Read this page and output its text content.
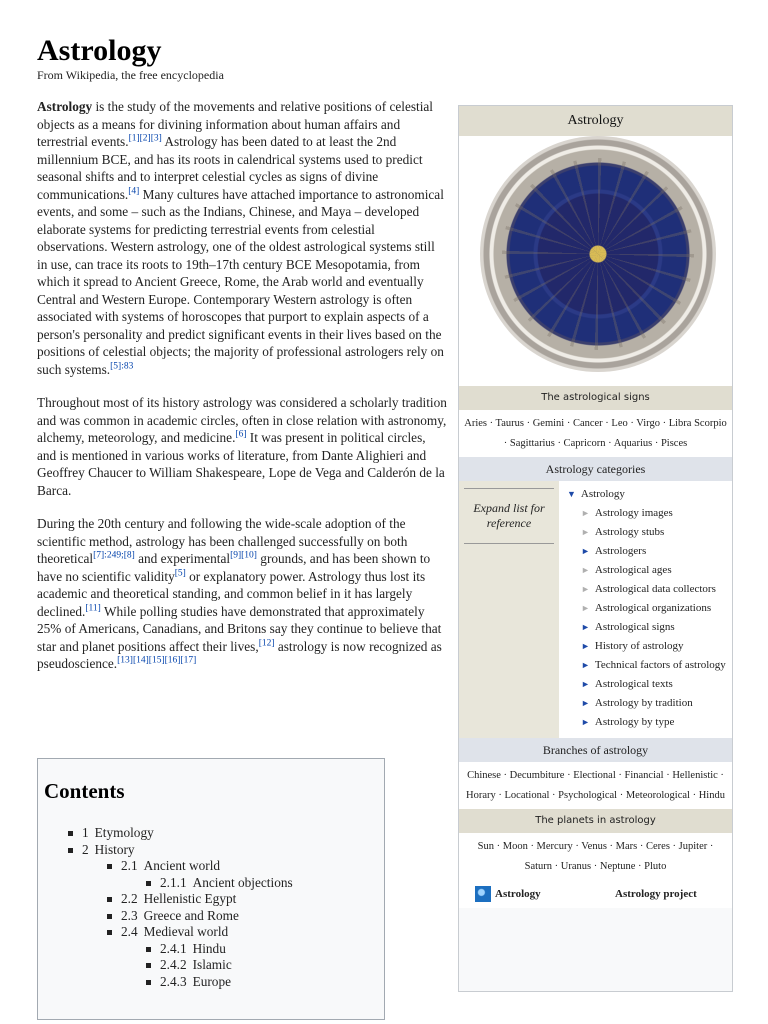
Astrology
From Wikipedia, the free encyclopedia

Astrology is the study of the movements and relative positions of celestial objects as a means for divining information about human affairs and terrestrial events.[1][2][3] Astrology has been dated to at least the 2nd millennium BCE, and has its roots in calendrical systems used to predict seasonal shifts and to interpret celestial cycles as signs of divine communications.[4] Many cultures have attached importance to astronomical events, and some – such as the Indians, Chinese, and Maya – developed elaborate systems for predicting terrestrial events from celestial observations. Western astrology, one of the oldest astrological systems still in use, can trace its roots to 19th–17th century BCE Mesopotamia, from which it spread to Ancient Greece, Rome, the Arab world and eventually Central and Western Europe. Contemporary Western astrology is often associated with systems of horoscopes that purport to explain aspects of a person's personality and predict significant events in their lives based on the positions of celestial objects; the majority of professional astrologers rely on such systems.$^{[5]:83}$

Throughout most of its history astrology was considered a scholarly tradition and was common in academic circles, often in close relation with astronomy, alchemy, meteorology, and medicine.[6] It was present in political circles, and is mentioned in various works of literature, from Dante Alighieri and Geoffrey Chaucer to William Shakespeare, Lope de Vega and Calderón de la Barca.

During the 20th century and following the wide-scale adoption of the scientific method, astrology has been challenged successfully on both theoretical[7]:249;[8] and experimental[9][10] grounds, and has been shown to have no scientific validity[5] or explanatory power. Astrology thus lost its academic and theoretical standing, and common belief in it has largely declined.[11] While polling studies have demonstrated that approximately 25% of Americans, Canadians, and Britons say they continue to believe that star and planet positions affect their lives,[12] astrology is now recognized as pseudoscience.[13][14][15][16][17]

Contents
1 Etymology
2 History
2.1 Ancient world
2.1.1 Ancient objections
2.2 Hellenistic Egypt
2.3 Greece and Rome
2.4 Medieval world
2.4.1 Hindu
2.4.2 Islamic
2.4.3 Europe
Astrology
The astrological signs
Aries · Taurus · Gemini · Cancer · Leo · Virgo · Libra Scorpio · Sagittarius · Capricorn · Aquarius · Pisces
Astrology categories
Expand list for reference
▼ Astrology
► Astrology images
► Astrology stubs
► Astrologers
► Astrological ages
► Astrological data collectors
► Astrological organizations
► Astrological signs
► History of astrology
► Technical factors of astrology
► Astrological texts
► Astrology by tradition
► Astrology by type
Branches of astrology
Chinese · Decumbiture · Electional · Financial · Hellenistic · Horary · Locational · Psychological · Meteorological · Hindu
The planets in astrology
Sun · Moon · Mercury · Venus · Mars · Ceres · Jupiter · Saturn · Uranus · Neptune · Pluto
Astrology	Astrology project
